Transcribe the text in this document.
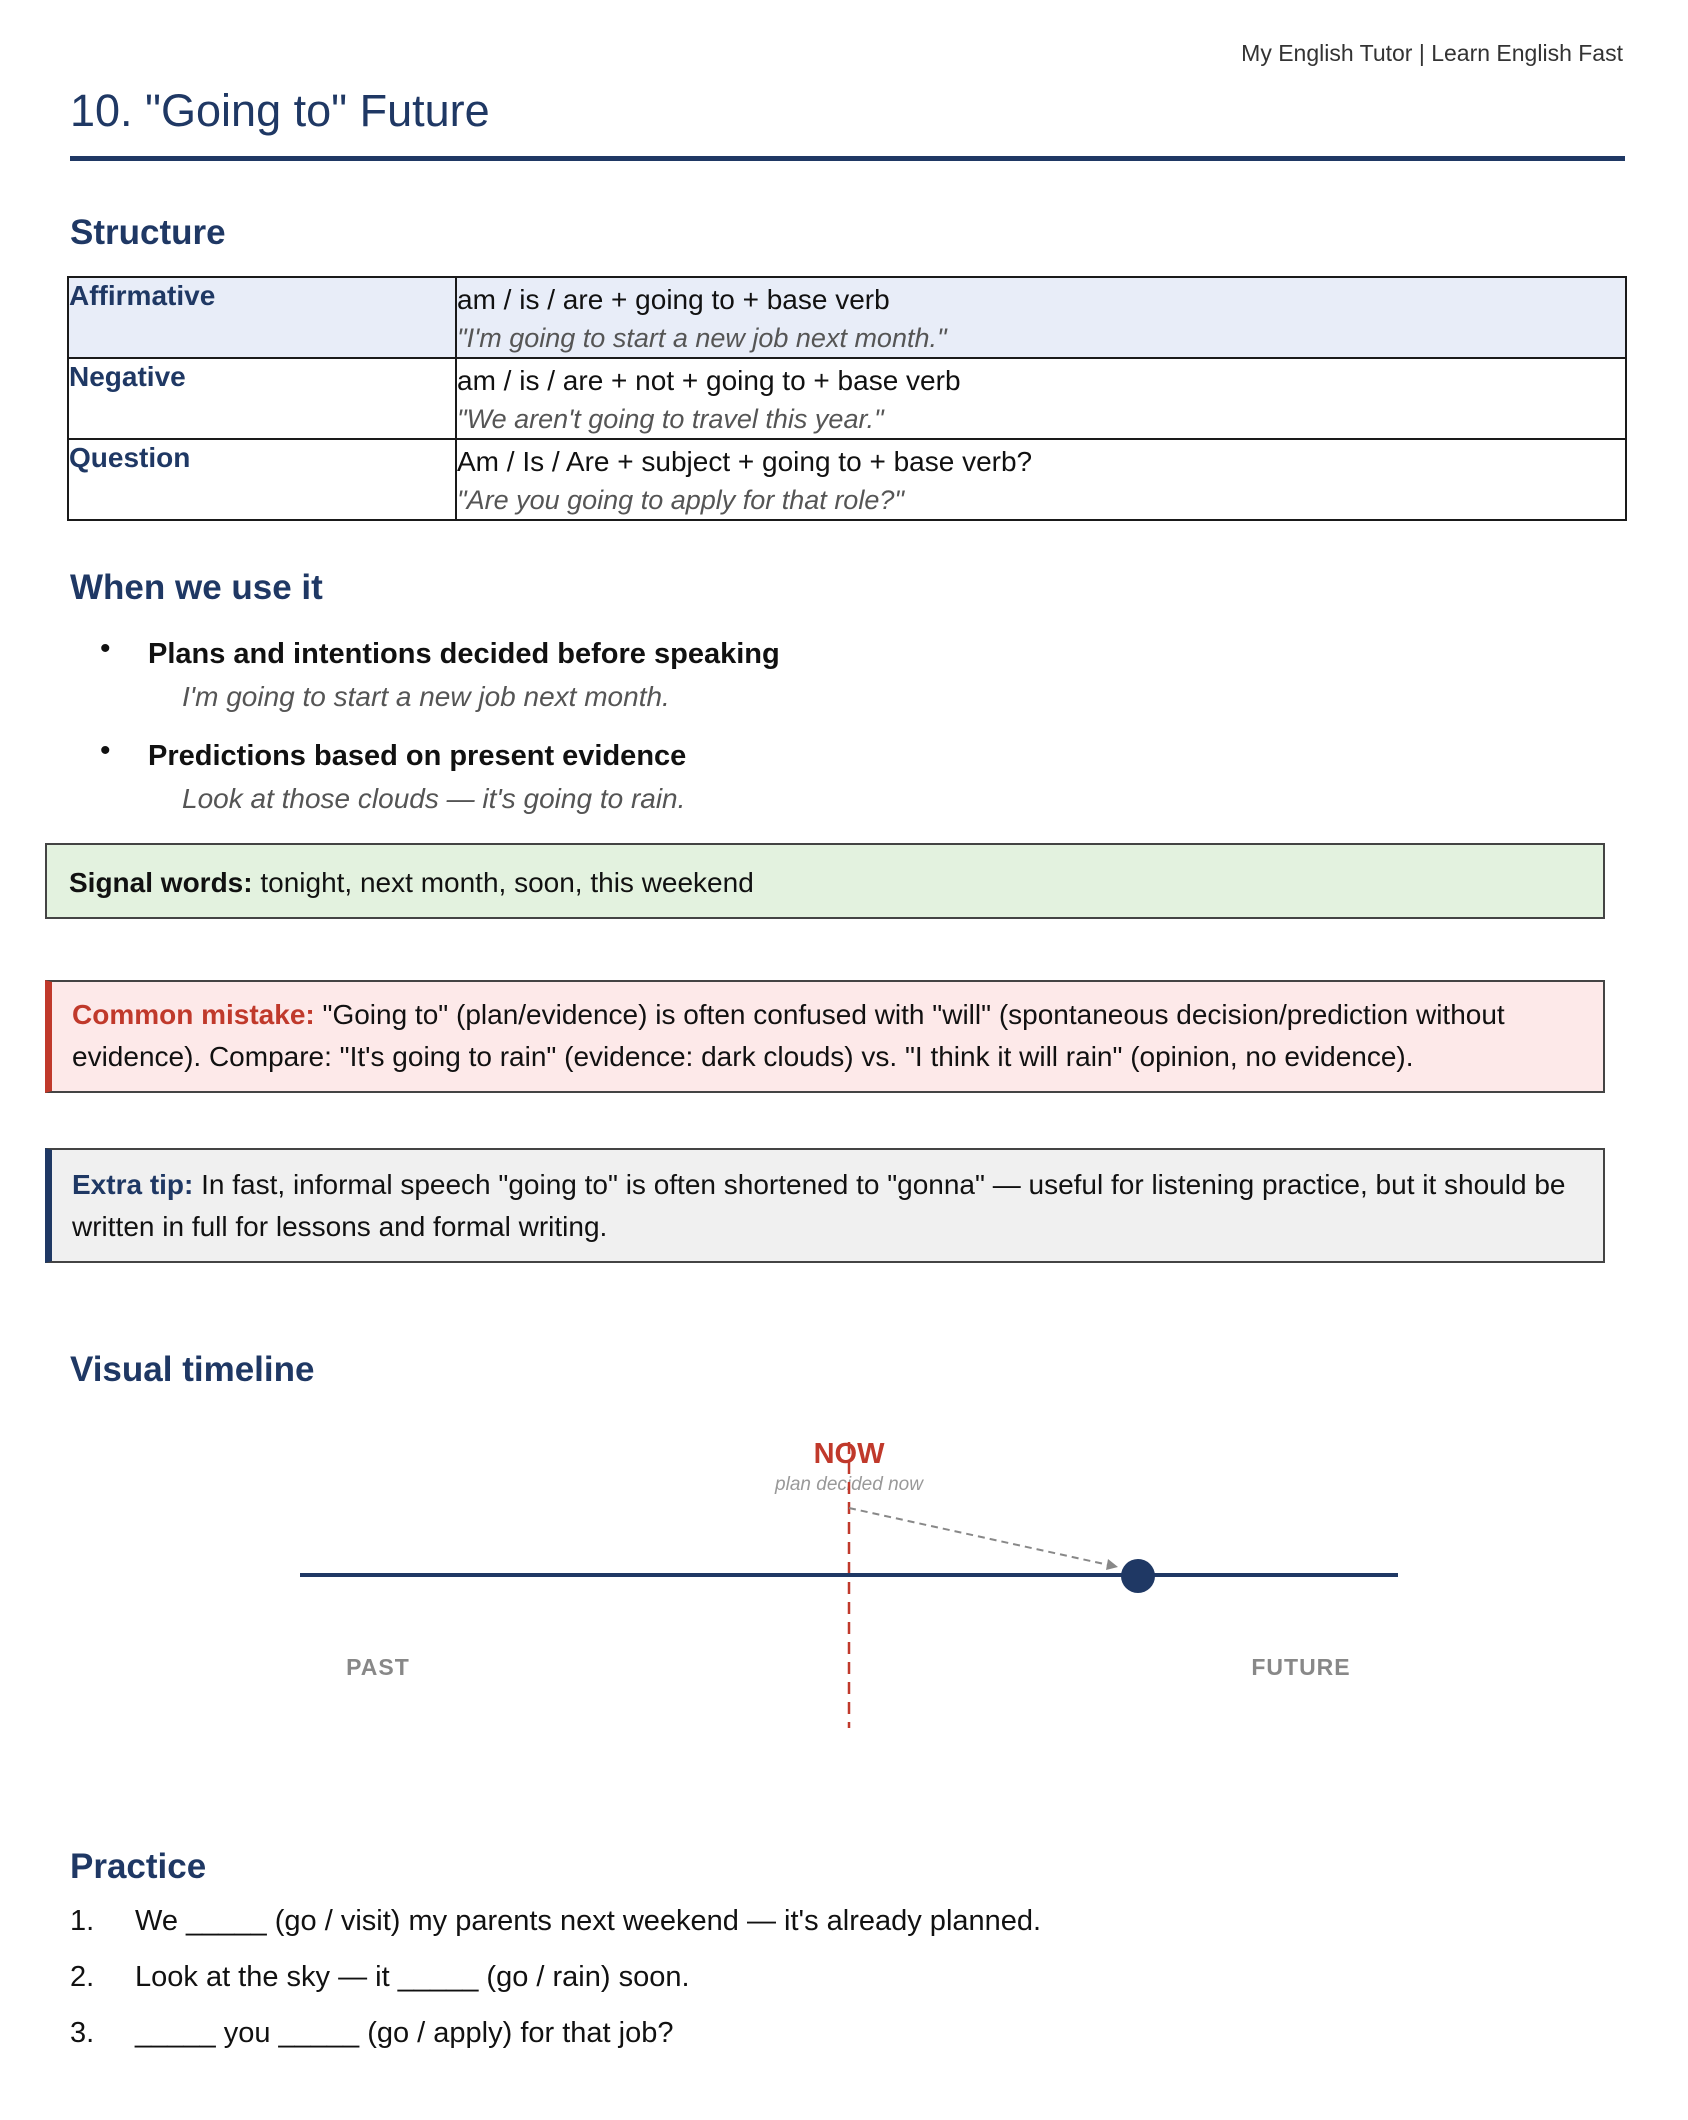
My English Tutor | Learn English Fast
10. "Going to" Future
Structure
Affirmative	am / is / are + going to + base verb
"I'm going to start a new job next month."

Negative	am / is / are + not + going to + base verb
"We aren't going to travel this year."

Question	Am / Is / Are + subject + going to + base verb?
"Are you going to apply for that role?"
When we use it
• Plans and intentions decided before speaking
I'm going to start a new job next month.
• Predictions based on present evidence
Look at those clouds — it's going to rain.
Signal words: tonight, next month, soon, this weekend
Common mistake: "Going to" (plan/evidence) is often confused with "will" (spontaneous decision/prediction without evidence). Compare: "It's going to rain" (evidence: dark clouds) vs. "I think it will rain" (opinion, no evidence).
Extra tip: In fast, informal speech "going to" is often shortened to "gonna" — useful for listening practice, but it should be written in full for lessons and formal writing.
Visual timeline
NOW
plan decided now
PAST	FUTURE
Practice
1. We _____ (go / visit) my parents next weekend — it's already planned.
2. Look at the sky — it _____ (go / rain) soon.
3. _____ you _____ (go / apply) for that job?
